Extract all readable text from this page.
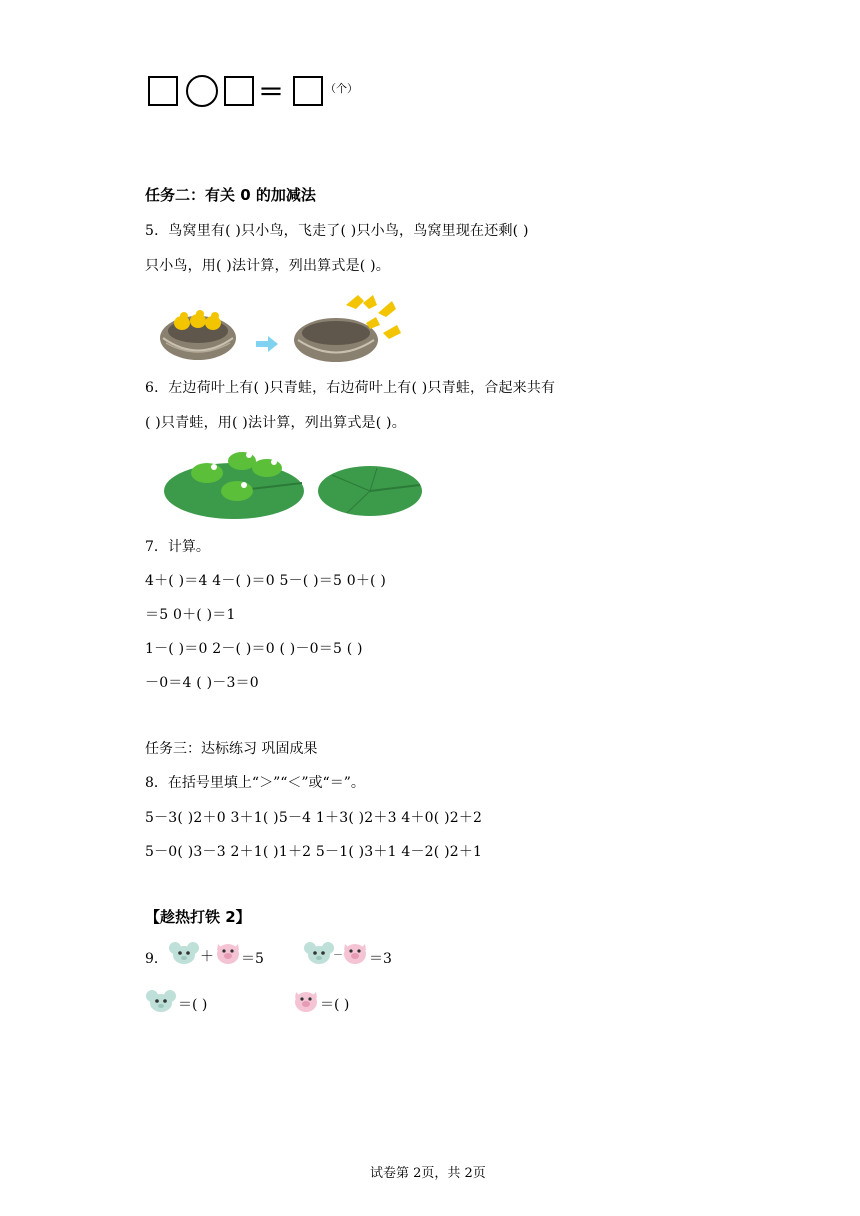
＝	（个）
任务二：有关 0 的加减法
5．鸟窝里有( )只小鸟，飞走了( )只小鸟，鸟窝里现在还剩( )
只小鸟，用( )法计算，列出算式是( )。
6．左边荷叶上有( )只青蛙，右边荷叶上有( )只青蛙，合起来共有
( )只青蛙，用( )法计算，列出算式是( )。
7．计算。
4＋( )＝4 4－( )＝0 5－( )＝5 0＋( )
＝5 0＋( )＝1
1－( )＝0 2－( )＝0 ( )－0＝5 ( )
－0＝4 ( )－3＝0
任务三：达标练习 巩固成果
8．在括号里填上“＞”“＜”或“＝”。
5－3( )2＋0 3＋1( )5－4 1＋3( )2＋3 4＋0( )2＋2
5－0( )3－3 2＋1( )1＋2 5－1( )3＋1 4－2( )2＋1
【趁热打铁 2】
9． ＋ ＝5	－ ＝3
＝( )	＝( )
试卷第 2页，共 2页
